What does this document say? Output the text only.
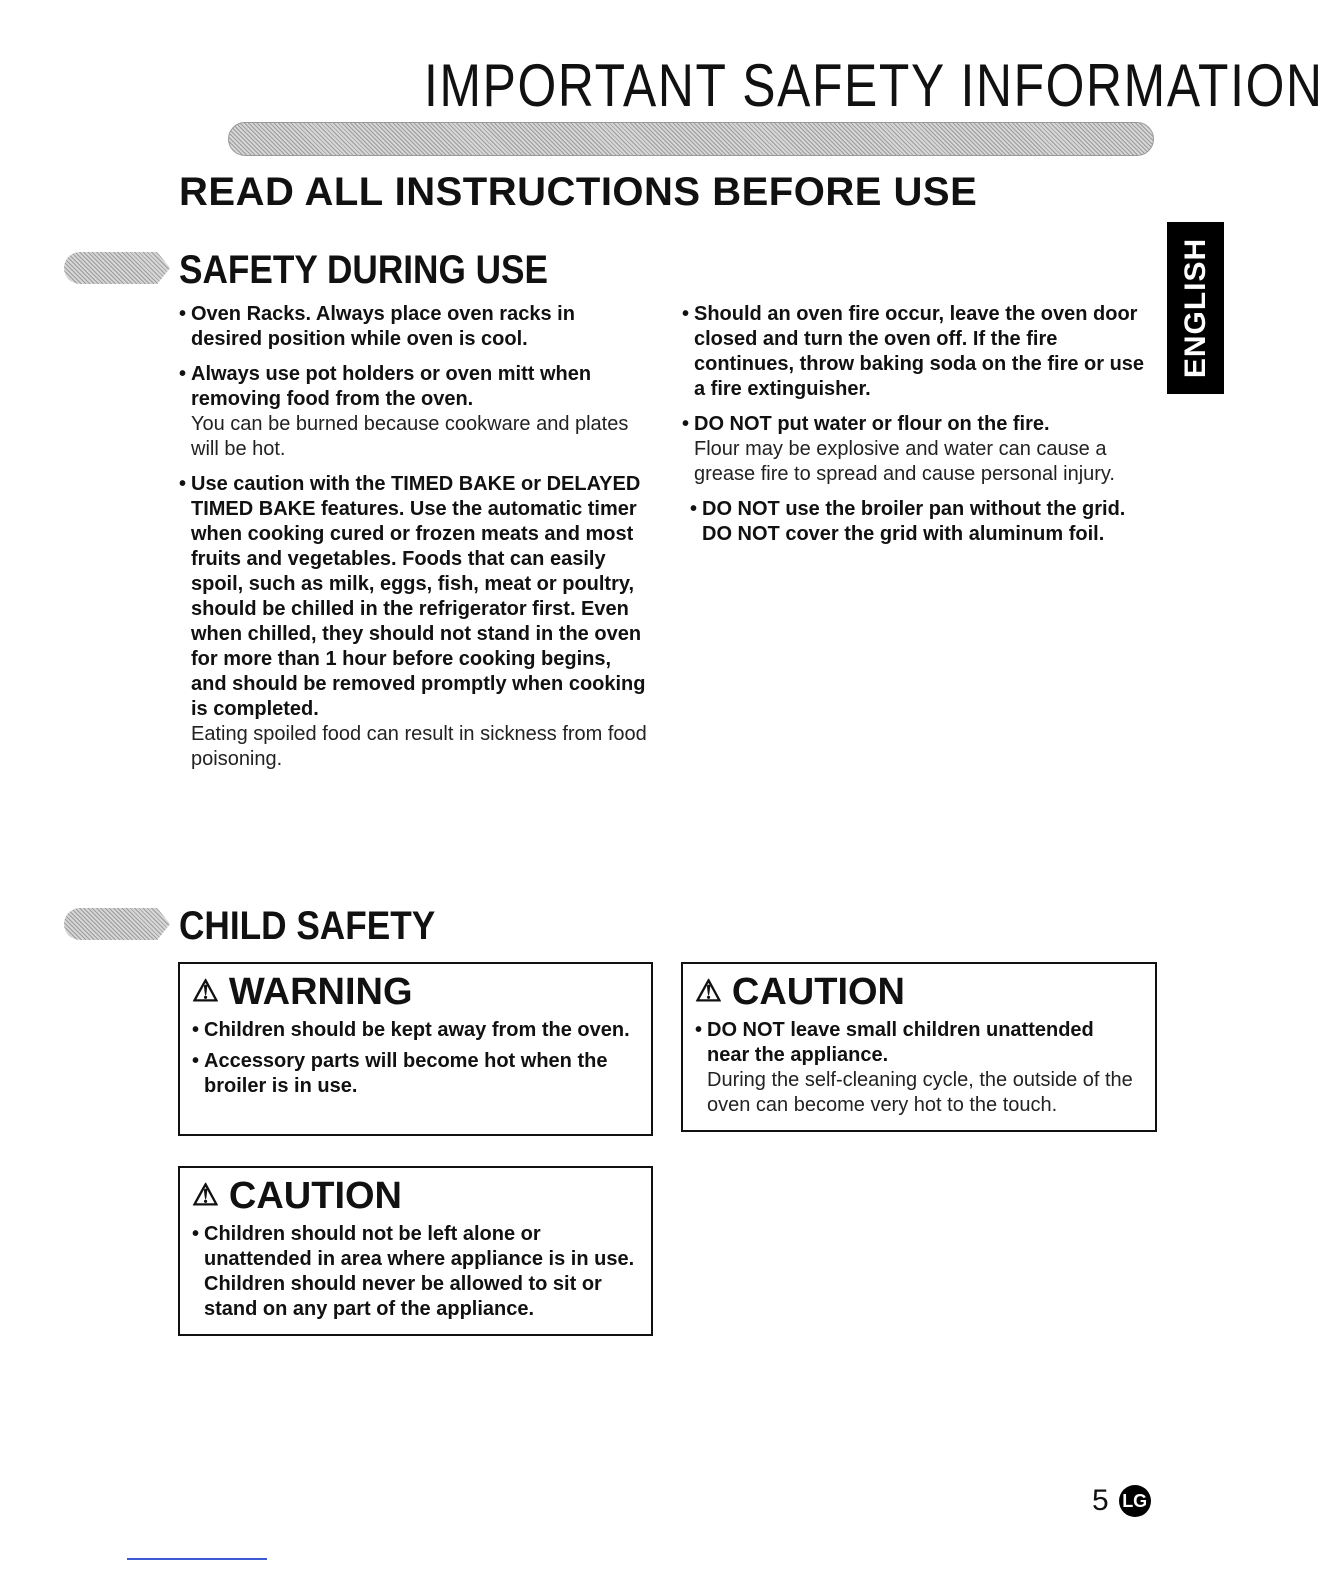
IMPORTANT SAFETY INFORMATION
READ ALL INSTRUCTIONS BEFORE USE
ENGLISH
SAFETY DURING USE
• Oven Racks. Always place oven racks in desired position while oven is cool.
• Always use pot holders or oven mitt when removing food from the oven.
You can be burned because cookware and plates will be hot.
• Use caution with the TIMED BAKE or DELAYED TIMED BAKE features. Use the automatic timer when cooking cured or frozen meats and most fruits and vegetables. Foods that can easily spoil, such as milk, eggs, fish, meat or poultry, should be chilled in the refrigerator first. Even when chilled, they should not stand in the oven for more than 1 hour before cooking begins, and should be removed promptly when cooking is completed.
Eating spoiled food can result in sickness from food poisoning.
• Should an oven fire occur, leave the oven door closed and turn the oven off. If the fire continues, throw baking soda on the fire or use a fire extinguisher.
• DO NOT put water or flour on the fire.
Flour may be explosive and water can cause a grease fire to spread and cause personal injury.
• DO NOT use the broiler pan without the grid. DO NOT cover the grid with aluminum foil.
CHILD SAFETY
⚠ WARNING
• Children should be kept away from the oven.
• Accessory parts will become hot when the broiler is in use.
⚠ CAUTION
• DO NOT leave small children unattended near the appliance.
During the self-cleaning cycle, the outside of the oven can become very hot to the touch.
⚠ CAUTION
• Children should not be left alone or unattended in area where appliance is in use. Children should never be allowed to sit or stand on any part of the appliance.
5 LG
